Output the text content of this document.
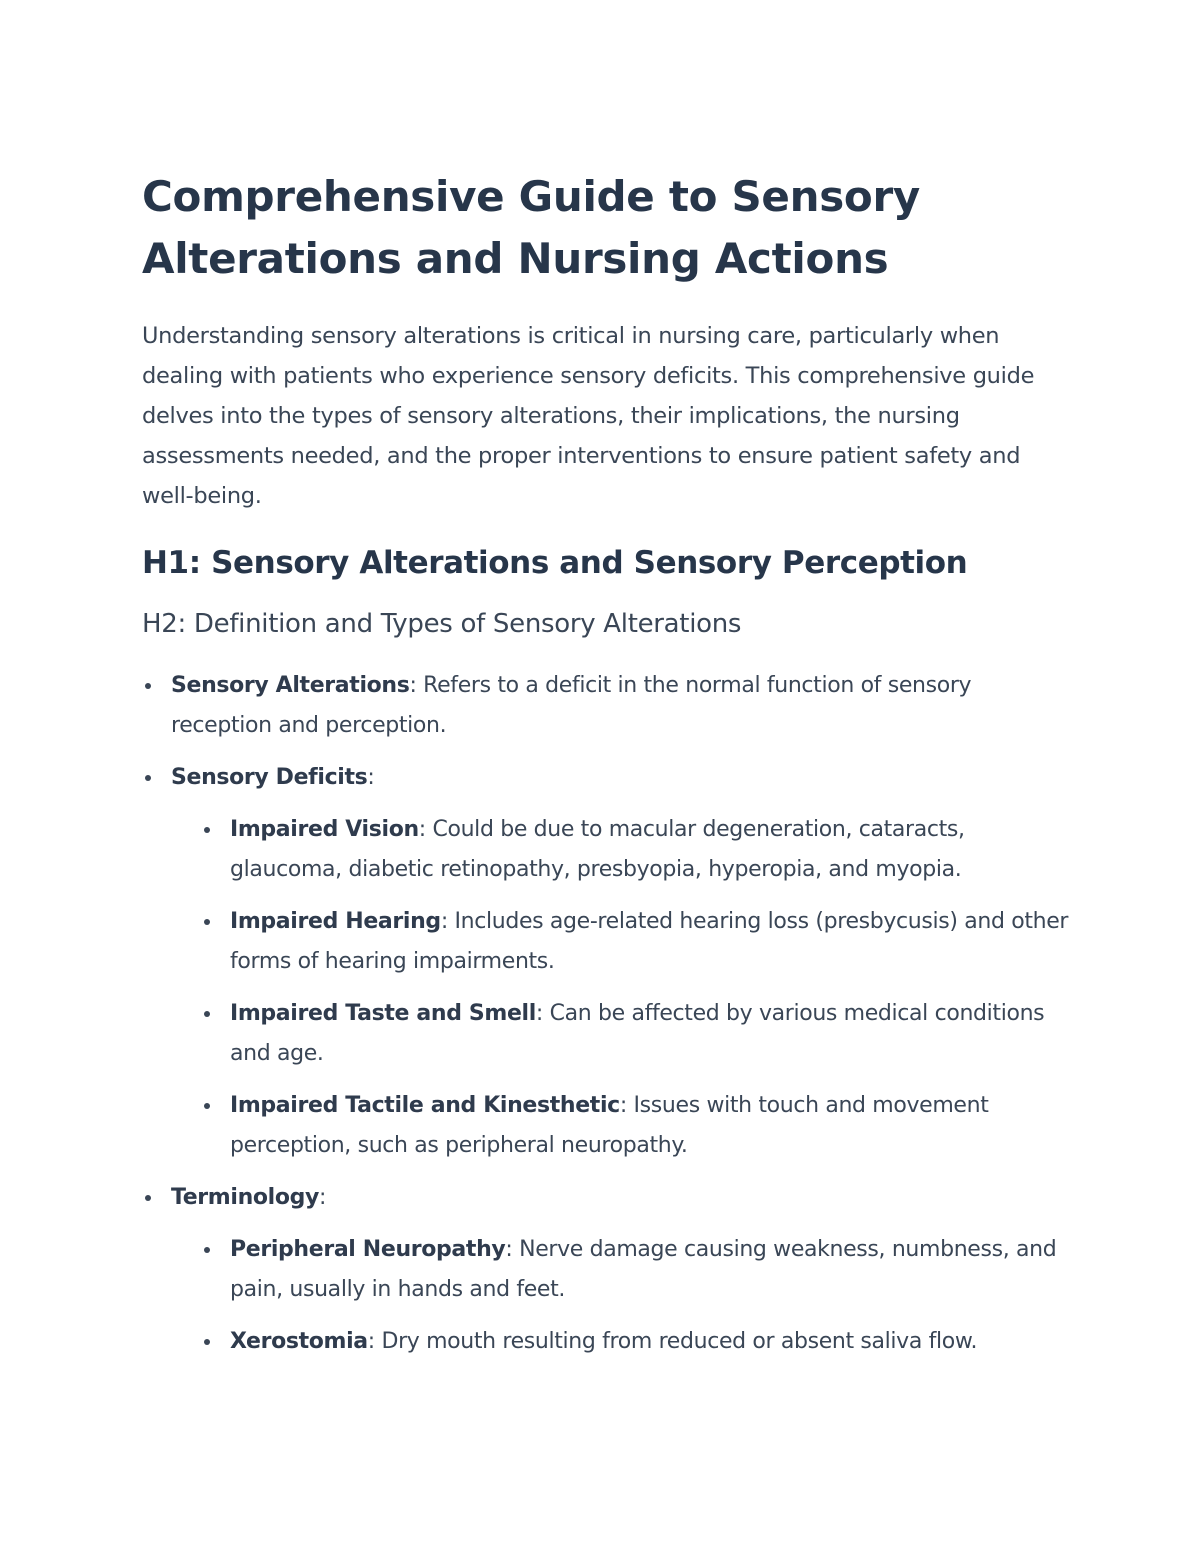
Comprehensive Guide to Sensory
Alterations and Nursing Actions

Understanding sensory alterations is critical in nursing care, particularly when dealing with patients who experience sensory deficits. This comprehensive guide delves into the types of sensory alterations, their implications, the nursing assessments needed, and the proper interventions to ensure patient safety and well-being.

H1: Sensory Alterations and Sensory Perception
H2: Definition and Types of Sensory Alterations
Sensory Alterations: Refers to a deficit in the normal function of sensory reception and perception.
Sensory Deficits:
Impaired Vision: Could be due to macular degeneration, cataracts, glaucoma, diabetic retinopathy, presbyopia, hyperopia, and myopia.
Impaired Hearing: Includes age-related hearing loss (presbycusis) and other forms of hearing impairments.
Impaired Taste and Smell: Can be affected by various medical conditions and age.
Impaired Tactile and Kinesthetic: Issues with touch and movement perception, such as peripheral neuropathy.
Terminology:
Peripheral Neuropathy: Nerve damage causing weakness, numbness, and pain, usually in hands and feet.
Xerostomia: Dry mouth resulting from reduced or absent saliva flow.
